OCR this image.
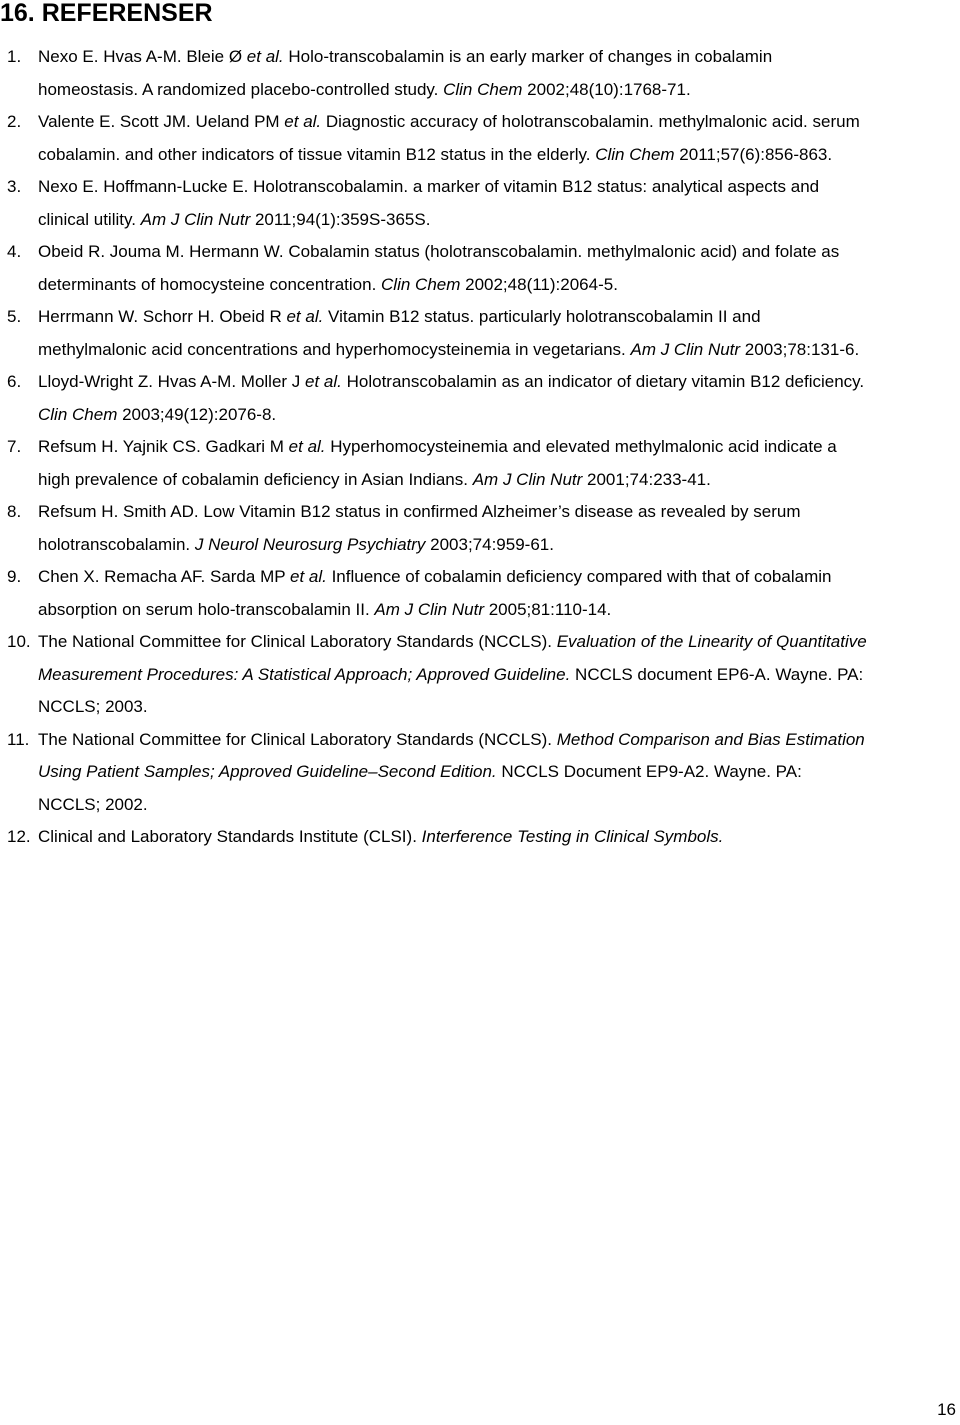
16. REFERENSER
1. Nexo E. Hvas A-M. Bleie Ø et al. Holo-transcobalamin is an early marker of changes in cobalamin
homeostasis. A randomized placebo-controlled study. Clin Chem 2002;48(10):1768-71.
2. Valente E. Scott JM. Ueland PM et al. Diagnostic accuracy of holotranscobalamin. methylmalonic acid. serum
cobalamin. and other indicators of tissue vitamin B12 status in the elderly. Clin Chem 2011;57(6):856-863.
3. Nexo E. Hoffmann-Lucke E. Holotranscobalamin. a marker of vitamin B12 status: analytical aspects and
clinical utility. Am J Clin Nutr 2011;94(1):359S-365S.
4. Obeid R. Jouma M. Hermann W. Cobalamin status (holotranscobalamin. methylmalonic acid) and folate as
determinants of homocysteine concentration. Clin Chem 2002;48(11):2064-5.
5. Herrmann W. Schorr H. Obeid R et al. Vitamin B12 status. particularly holotranscobalamin II and
methylmalonic acid concentrations and hyperhomocysteinemia in vegetarians. Am J Clin Nutr 2003;78:131-6.
6. Lloyd-Wright Z. Hvas A-M. Moller J et al. Holotranscobalamin as an indicator of dietary vitamin B12 deficiency.
Clin Chem 2003;49(12):2076-8.
7. Refsum H. Yajnik CS. Gadkari M et al. Hyperhomocysteinemia and elevated methylmalonic acid indicate a
high prevalence of cobalamin deficiency in Asian Indians. Am J Clin Nutr 2001;74:233-41.
8. Refsum H. Smith AD. Low Vitamin B12 status in confirmed Alzheimer’s disease as revealed by serum
holotranscobalamin. J Neurol Neurosurg Psychiatry 2003;74:959-61.
9. Chen X. Remacha AF. Sarda MP et al. Influence of cobalamin deficiency compared with that of cobalamin
absorption on serum holo-transcobalamin II. Am J Clin Nutr 2005;81:110-14.
10. The National Committee for Clinical Laboratory Standards (NCCLS). Evaluation of the Linearity of Quantitative
Measurement Procedures: A Statistical Approach; Approved Guideline. NCCLS document EP6-A. Wayne. PA:
NCCLS; 2003.
11. The National Committee for Clinical Laboratory Standards (NCCLS). Method Comparison and Bias Estimation
Using Patient Samples; Approved Guideline–Second Edition. NCCLS Document EP9-A2. Wayne. PA:
NCCLS; 2002.
12. Clinical and Laboratory Standards Institute (CLSI). Interference Testing in Clinical Symbols.
16
